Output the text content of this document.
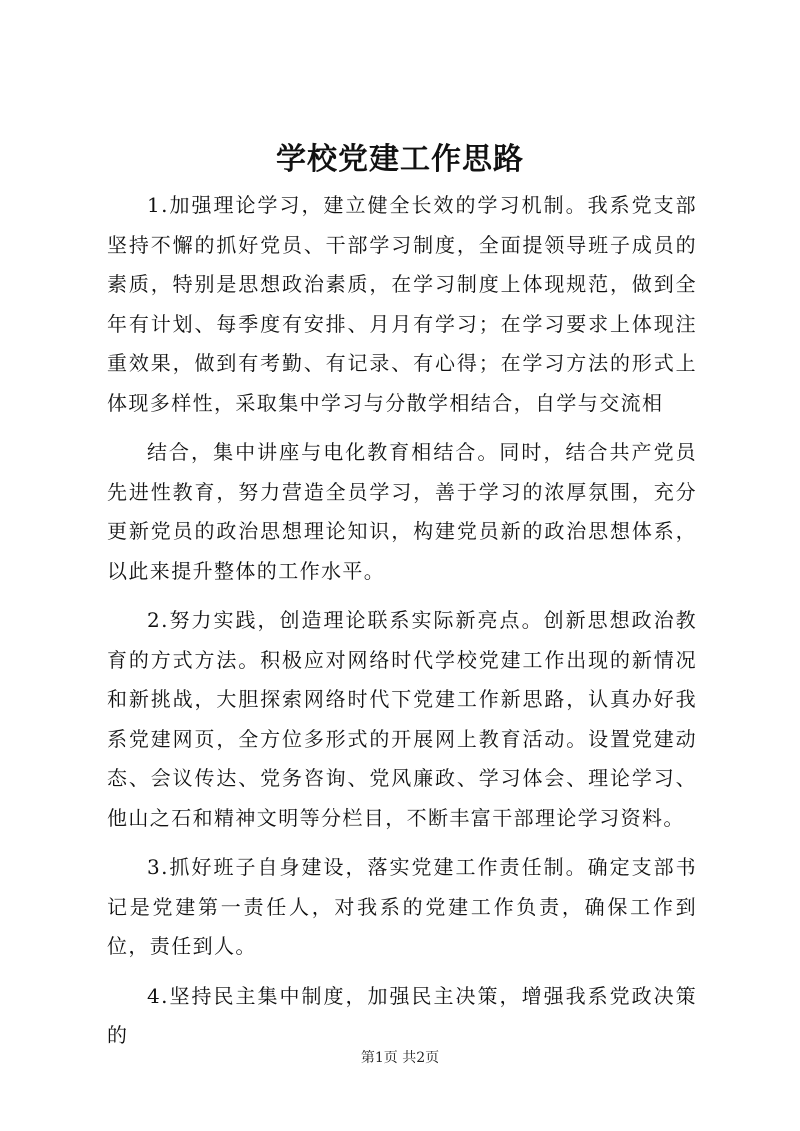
学校党建工作思路

1.加强理论学习，建立健全长效的学习机制。我系党支部坚持不懈的抓好党员、干部学习制度，全面提领导班子成员的素质，特别是思想政治素质，在学习制度上体现规范，做到全年有计划、每季度有安排、月月有学习；在学习要求上体现注重效果，做到有考勤、有记录、有心得；在学习方法的形式上体现多样性，采取集中学习与分散学相结合，自学与交流相

结合，集中讲座与电化教育相结合。同时，结合共产党员先进性教育，努力营造全员学习，善于学习的浓厚氛围，充分更新党员的政治思想理论知识，构建党员新的政治思想体系，以此来提升整体的工作水平。

2.努力实践，创造理论联系实际新亮点。创新思想政治教育的方式方法。积极应对网络时代学校党建工作出现的新情况和新挑战，大胆探索网络时代下党建工作新思路，认真办好我系党建网页，全方位多形式的开展网上教育活动。设置党建动态、会议传达、党务咨询、党风廉政、学习体会、理论学习、他山之石和精神文明等分栏目，不断丰富干部理论学习资料。

3.抓好班子自身建设，落实党建工作责任制。确定支部书记是党建第一责任人，对我系的党建工作负责，确保工作到位，责任到人。

4.坚持民主集中制度，加强民主决策，增强我系党政决策的

第1页 共2页
